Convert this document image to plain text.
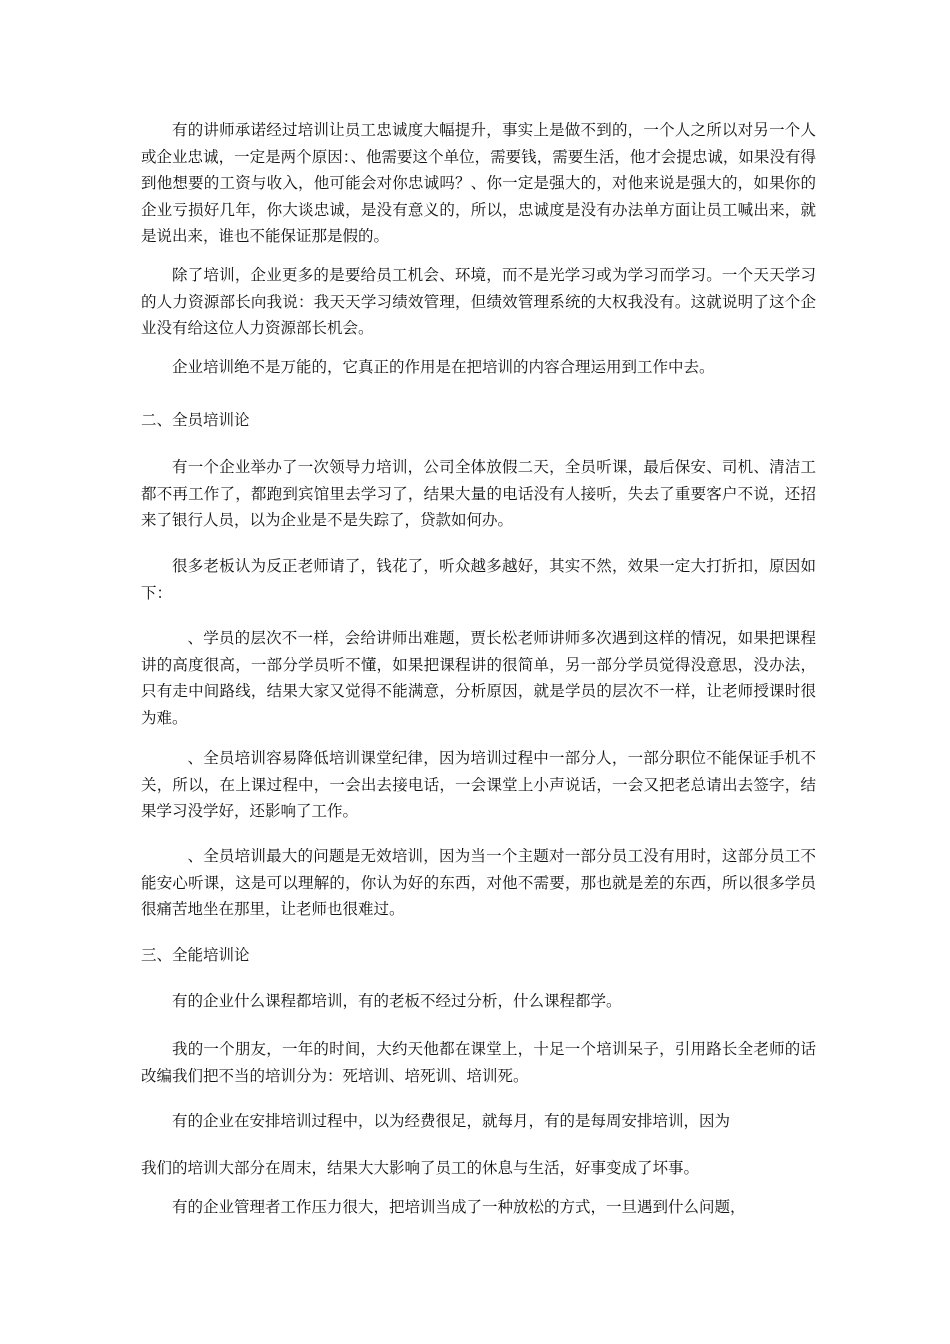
有的讲师承诺经过培训让员工忠诚度大幅提升，事实上是做不到的，一个人之所以对另一个人或企业忠诚，一定是两个原因：、他需要这个单位，需要钱，需要生活，他才会提忠诚，如果没有得到他想要的工资与收入，他可能会对你忠诚吗？、你一定是强大的，对他来说是强大的，如果你的企业亏损好几年，你大谈忠诚，是没有意义的，所以，忠诚度是没有办法单方面让员工喊出来，就是说出来，谁也不能保证那是假的。

除了培训，企业更多的是要给员工机会、环境，而不是光学习或为学习而学习。一个天天学习的人力资源部长向我说：我天天学习绩效管理，但绩效管理系统的大权我没有。这就说明了这个企业没有给这位人力资源部长机会。

企业培训绝不是万能的，它真正的作用是在把培训的内容合理运用到工作中去。

二、全员培训论

有一个企业举办了一次领导力培训，公司全体放假二天，全员听课，最后保安、司机、清洁工都不再工作了，都跑到宾馆里去学习了，结果大量的电话没有人接听，失去了重要客户不说，还招来了银行人员，以为企业是不是失踪了，贷款如何办。

很多老板认为反正老师请了，钱花了，听众越多越好，其实不然，效果一定大打折扣，原因如下：

、学员的层次不一样，会给讲师出难题，贾长松老师讲师多次遇到这样的情况，如果把课程讲的高度很高，一部分学员听不懂，如果把课程讲的很简单，另一部分学员觉得没意思，没办法，只有走中间路线，结果大家又觉得不能满意，分析原因，就是学员的层次不一样，让老师授课时很为难。

、全员培训容易降低培训课堂纪律，因为培训过程中一部分人，一部分职位不能保证手机不关，所以，在上课过程中，一会出去接电话，一会课堂上小声说话，一会又把老总请出去签字，结果学习没学好，还影响了工作。

、全员培训最大的问题是无效培训，因为当一个主题对一部分员工没有用时，这部分员工不能安心听课，这是可以理解的，你认为好的东西，对他不需要，那也就是差的东西，所以很多学员很痛苦地坐在那里，让老师也很难过。

三、全能培训论

有的企业什么课程都培训，有的老板不经过分析，什么课程都学。

我的一个朋友，一年的时间，大约天他都在课堂上，十足一个培训呆子，引用路长全老师的话改编我们把不当的培训分为：死培训、培死训、培训死。

有的企业在安排培训过程中，以为经费很足，就每月，有的是每周安排培训，因为

我们的培训大部分在周末，结果大大影响了员工的休息与生活，好事变成了坏事。

有的企业管理者工作压力很大，把培训当成了一种放松的方式，一旦遇到什么问题，
